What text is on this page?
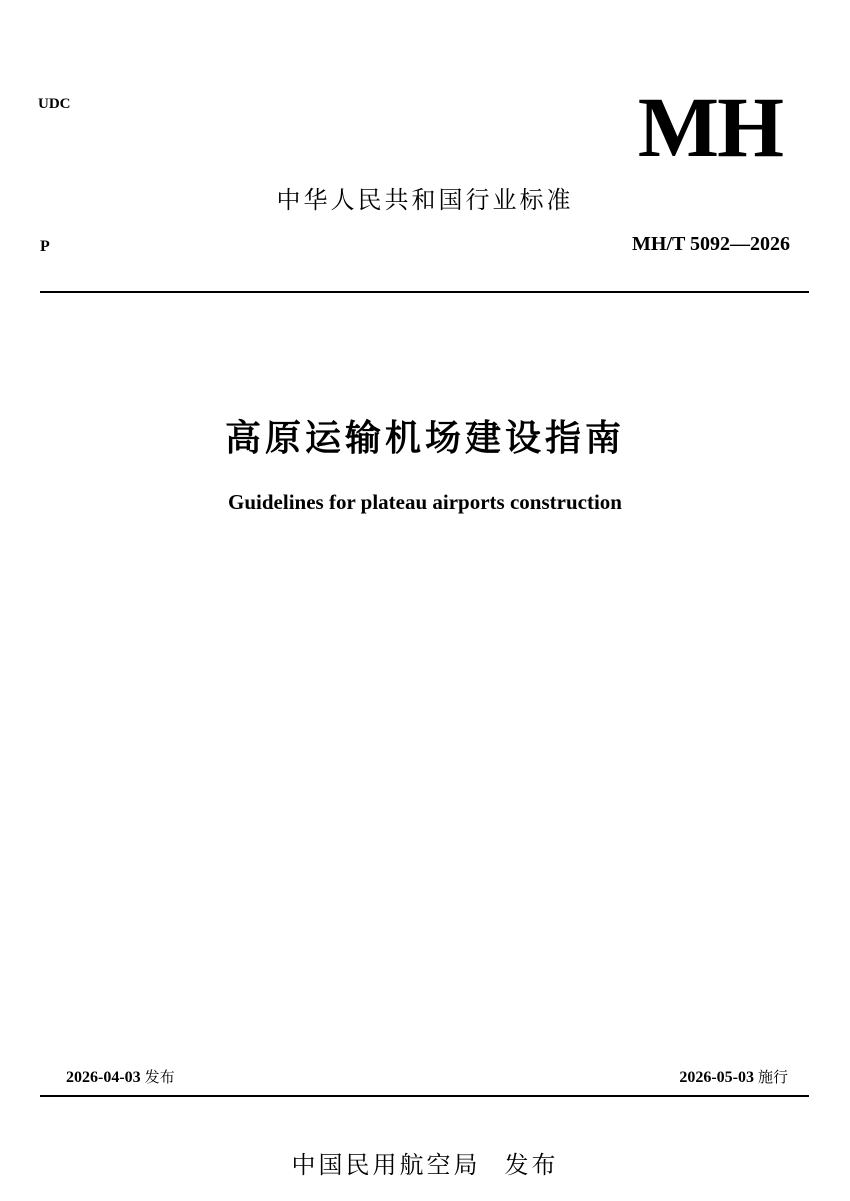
UDC	MH
中华人民共和国行业标准
P	MH/T 5092—2026
高原运输机场建设指南
Guidelines for plateau airports construction
2026-04-03 发布	2026-05-03 施行
中国民用航空局 发布
